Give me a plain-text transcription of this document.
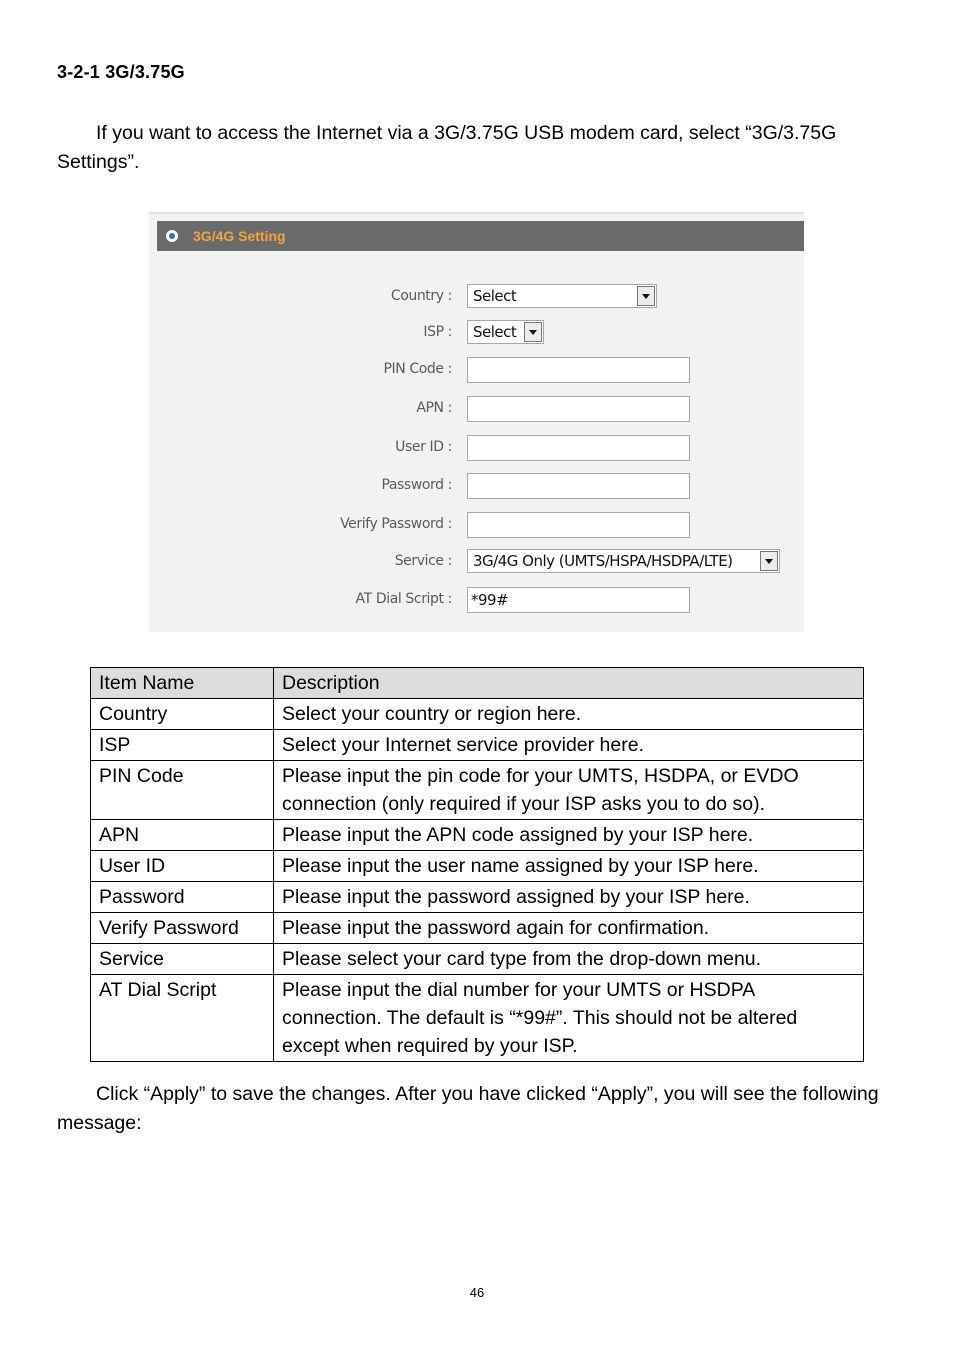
3-2-1 3G/3.75G
If you want to access the Internet via a 3G/3.75G USB modem card, select “3G/3.75G Settings”.
3G/4G Setting
Country : Select
ISP : Select
PIN Code :
APN :
User ID :
Password :
Verify Password :
Service : 3G/4G Only (UMTS/HSPA/HSDPA/LTE)
AT Dial Script : *99#
Item Name	Description
Country	Select your country or region here.
ISP	Select your Internet service provider here.
PIN Code	Please input the pin code for your UMTS, HSDPA, or EVDO connection (only required if your ISP asks you to do so).
APN	Please input the APN code assigned by your ISP here.
User ID	Please input the user name assigned by your ISP here.
Password	Please input the password assigned by your ISP here.
Verify Password	Please input the password again for confirmation.
Service	Please select your card type from the drop-down menu.
AT Dial Script	Please input the dial number for your UMTS or HSDPA connection. The default is “*99#”. This should not be altered except when required by your ISP.
Click “Apply” to save the changes. After you have clicked “Apply”, you will see the following message:
46
